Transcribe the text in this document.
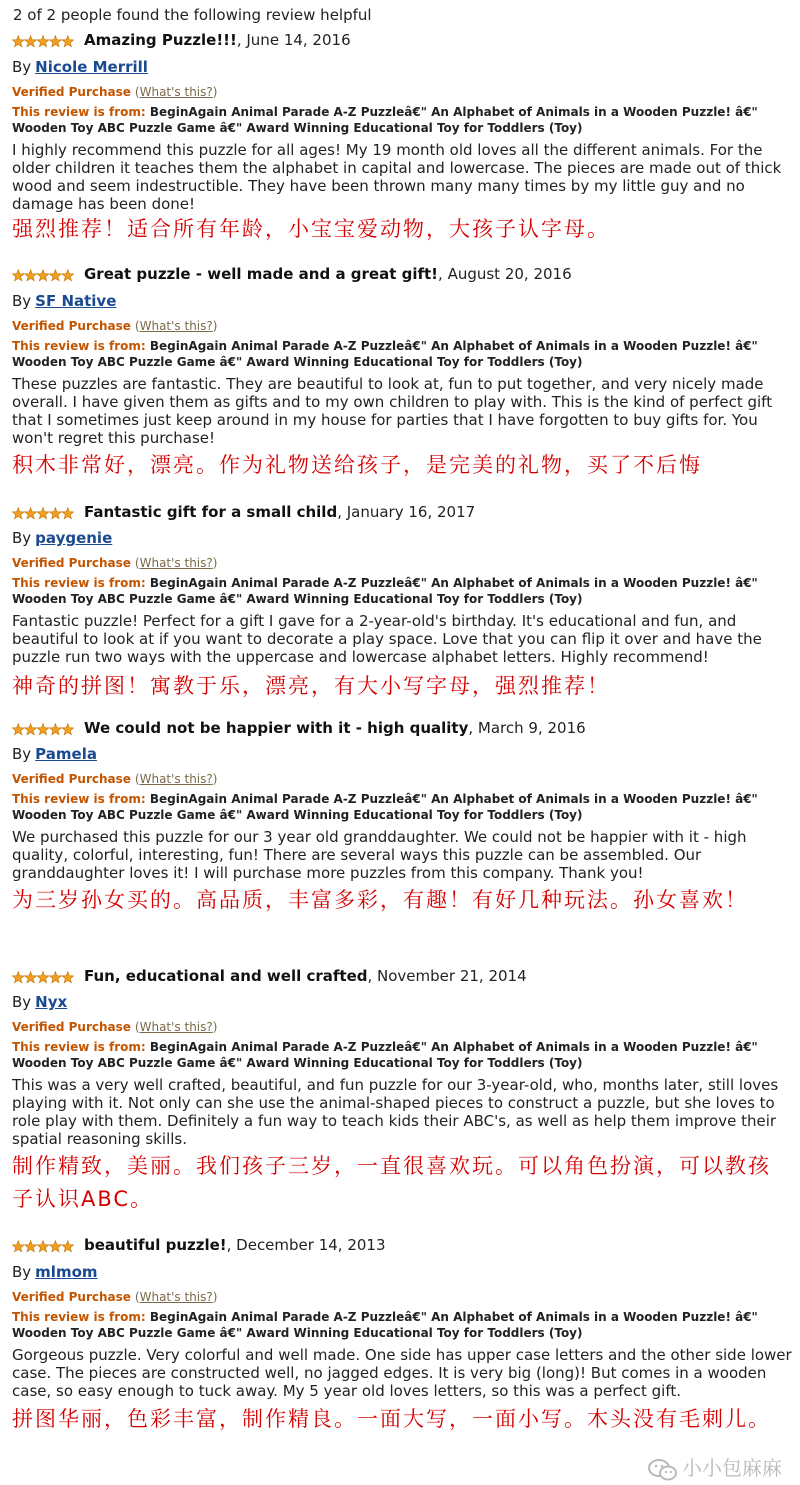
2 of 2 people found the following review helpful
Amazing Puzzle!!!, June 14, 2016
By Nicole Merrill
Verified Purchase (What's this?)
This review is from: BeginAgain Animal Parade A-Z Puzzleâ€" An Alphabet of Animals in a Wooden Puzzle! â€" Wooden Toy ABC Puzzle Game â€" Award Winning Educational Toy for Toddlers (Toy)
I highly recommend this puzzle for all ages! My 19 month old loves all the different animals. For the older children it teaches them the alphabet in capital and lowercase. The pieces are made out of thick wood and seem indestructible. They have been thrown many many times by my little guy and no damage has been done!
强烈推荐！适合所有年龄，小宝宝爱动物，大孩子认字母。
Great puzzle - well made and a great gift!, August 20, 2016
By SF Native
Verified Purchase (What's this?)
This review is from: BeginAgain Animal Parade A-Z Puzzleâ€" An Alphabet of Animals in a Wooden Puzzle! â€" Wooden Toy ABC Puzzle Game â€" Award Winning Educational Toy for Toddlers (Toy)
These puzzles are fantastic. They are beautiful to look at, fun to put together, and very nicely made overall. I have given them as gifts and to my own children to play with. This is the kind of perfect gift that I sometimes just keep around in my house for parties that I have forgotten to buy gifts for. You won't regret this purchase!
积木非常好，漂亮。作为礼物送给孩子，是完美的礼物，买了不后悔
Fantastic gift for a small child, January 16, 2017
By paygenie
Verified Purchase (What's this?)
This review is from: BeginAgain Animal Parade A-Z Puzzleâ€" An Alphabet of Animals in a Wooden Puzzle! â€" Wooden Toy ABC Puzzle Game â€" Award Winning Educational Toy for Toddlers (Toy)
Fantastic puzzle! Perfect for a gift I gave for a 2-year-old's birthday. It's educational and fun, and beautiful to look at if you want to decorate a play space. Love that you can flip it over and have the puzzle run two ways with the uppercase and lowercase alphabet letters. Highly recommend!
神奇的拼图！寓教于乐，漂亮，有大小写字母，强烈推荐！
We could not be happier with it - high quality, March 9, 2016
By Pamela
Verified Purchase (What's this?)
This review is from: BeginAgain Animal Parade A-Z Puzzleâ€" An Alphabet of Animals in a Wooden Puzzle! â€" Wooden Toy ABC Puzzle Game â€" Award Winning Educational Toy for Toddlers (Toy)
We purchased this puzzle for our 3 year old granddaughter. We could not be happier with it - high quality, colorful, interesting, fun! There are several ways this puzzle can be assembled. Our granddaughter loves it! I will purchase more puzzles from this company. Thank you!
为三岁孙女买的。高品质，丰富多彩，有趣！有好几种玩法。孙女喜欢！
Fun, educational and well crafted, November 21, 2014
By Nyx
Verified Purchase (What's this?)
This review is from: BeginAgain Animal Parade A-Z Puzzleâ€" An Alphabet of Animals in a Wooden Puzzle! â€" Wooden Toy ABC Puzzle Game â€" Award Winning Educational Toy for Toddlers (Toy)
This was a very well crafted, beautiful, and fun puzzle for our 3-year-old, who, months later, still loves playing with it. Not only can she use the animal-shaped pieces to construct a puzzle, but she loves to role play with them. Definitely a fun way to teach kids their ABC's, as well as help them improve their spatial reasoning skills.
制作精致，美丽。我们孩子三岁，一直很喜欢玩。可以角色扮演，可以教孩子认识ABC。
beautiful puzzle!, December 14, 2013
By mlmom
Verified Purchase (What's this?)
This review is from: BeginAgain Animal Parade A-Z Puzzleâ€" An Alphabet of Animals in a Wooden Puzzle! â€" Wooden Toy ABC Puzzle Game â€" Award Winning Educational Toy for Toddlers (Toy)
Gorgeous puzzle. Very colorful and well made. One side has upper case letters and the other side lower case. The pieces are constructed well, no jagged edges. It is very big (long)! But comes in a wooden case, so easy enough to tuck away. My 5 year old loves letters, so this was a perfect gift.
拼图华丽，色彩丰富，制作精良。一面大写，一面小写。木头没有毛刺儿。
小小包麻麻
